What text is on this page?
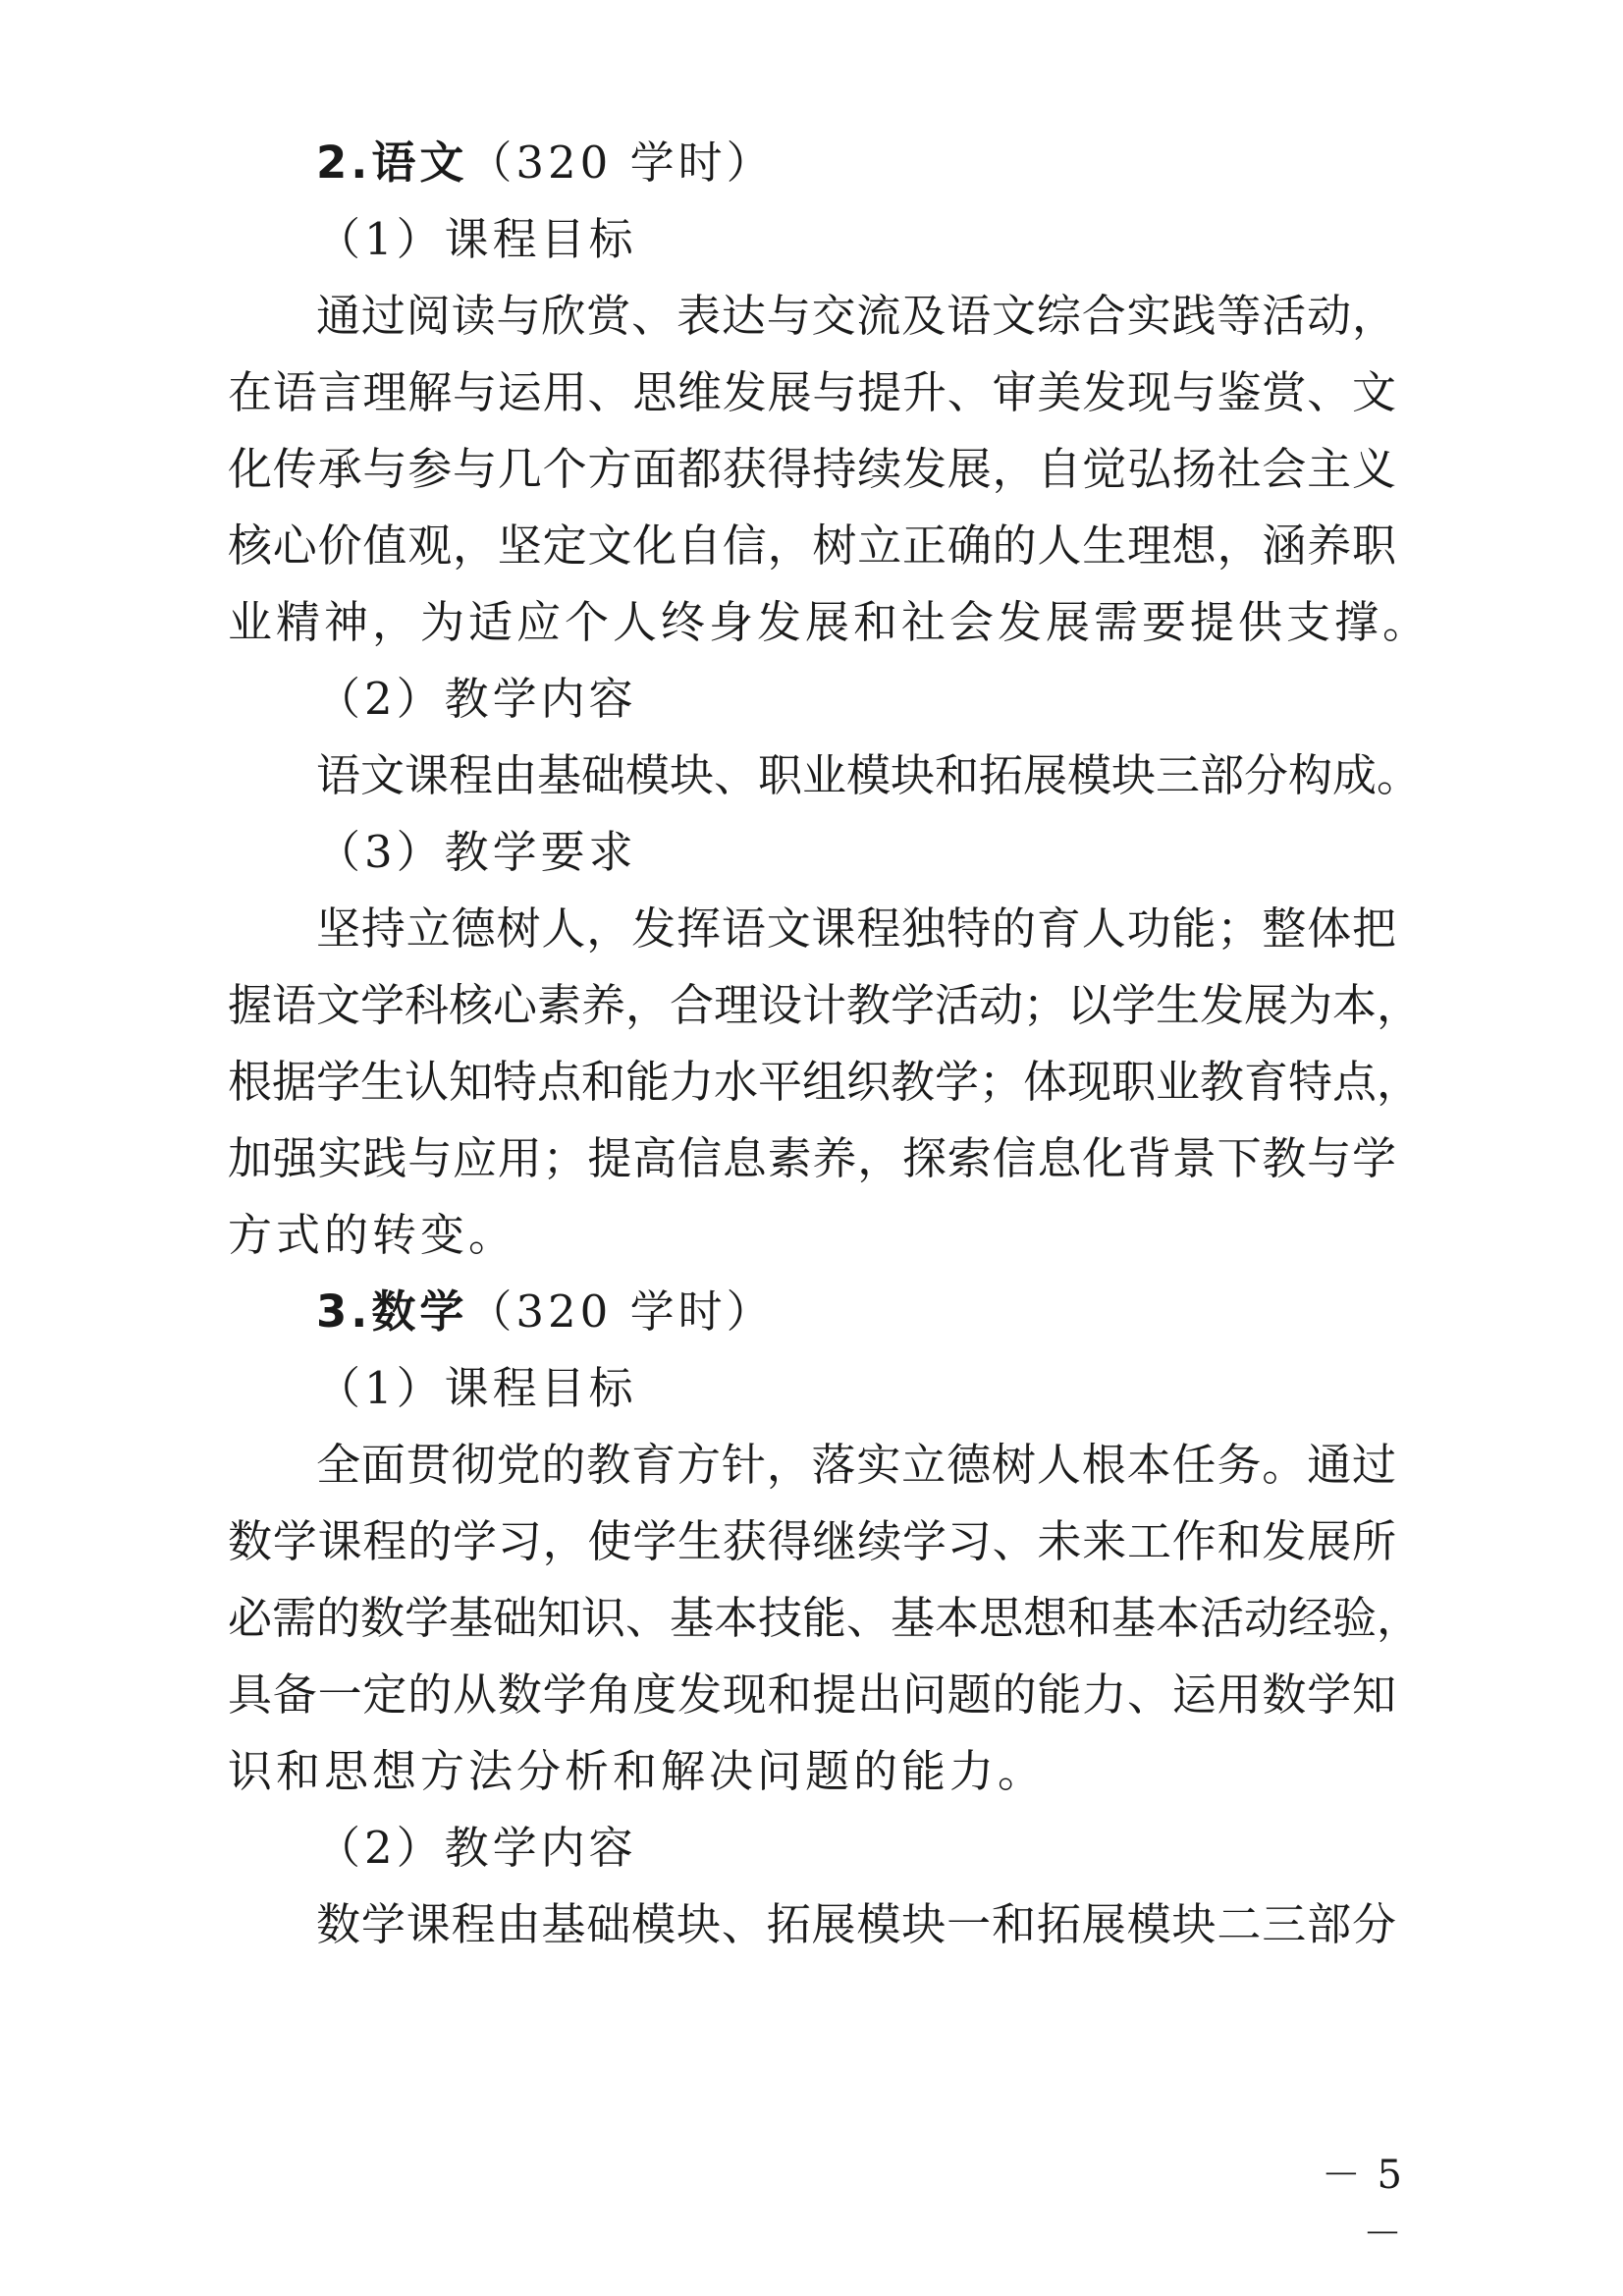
2.语文（320 学时）
（1）课程目标
通过阅读与欣赏、表达与交流及语文综合实践等活动，
在语言理解与运用、思维发展与提升、审美发现与鉴赏、文
化传承与参与几个方面都获得持续发展，自觉弘扬社会主义
核心价值观，坚定文化自信，树立正确的人生理想，涵养职
业精神，为适应个人终身发展和社会发展需要提供支撑。
（2）教学内容
语文课程由基础模块、职业模块和拓展模块三部分构成。
（3）教学要求
坚持立德树人，发挥语文课程独特的育人功能；整体把
握语文学科核心素养，合理设计教学活动；以学生发展为本，
根据学生认知特点和能力水平组织教学；体现职业教育特点，
加强实践与应用；提高信息素养，探索信息化背景下教与学
方式的转变。
3.数学（320 学时）
（1）课程目标
全面贯彻党的教育方针，落实立德树人根本任务。通过
数学课程的学习，使学生获得继续学习、未来工作和发展所
必需的数学基础知识、基本技能、基本思想和基本活动经验，
具备一定的从数学角度发现和提出问题的能力、运用数学知
识和思想方法分析和解决问题的能力。
（2）教学内容
数学课程由基础模块、拓展模块一和拓展模块二三部分
－ 5 －
